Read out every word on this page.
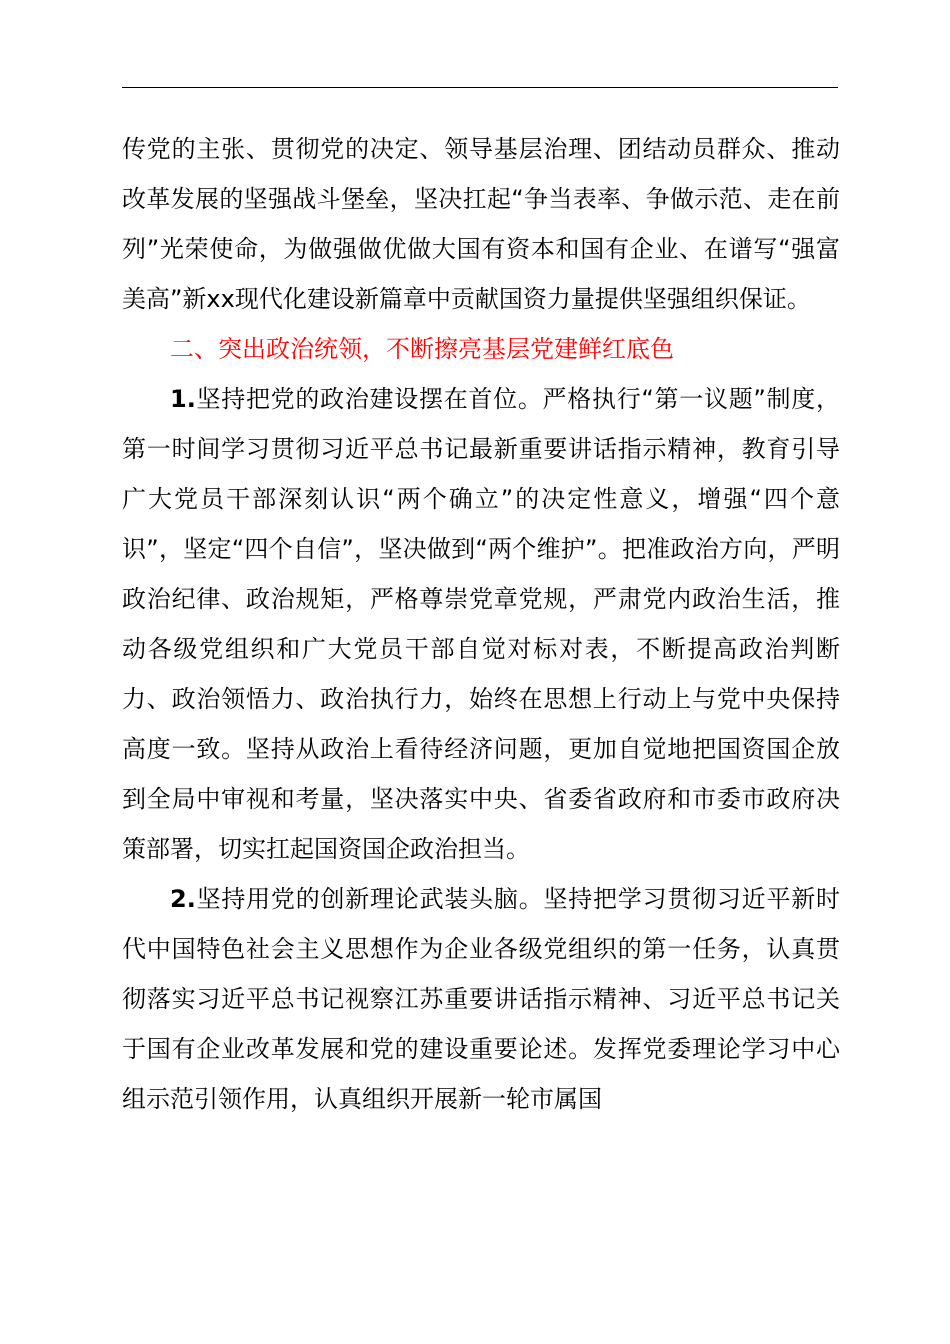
传党的主张、贯彻党的决定、领导基层治理、团结动员群众、推动改革发展的坚强战斗堡垒，坚决扛起“争当表率、争做示范、走在前列”光荣使命，为做强做优做大国有资本和国有企业、在谱写“强富美高”新xx现代化建设新篇章中贡献国资力量提供坚强组织保证。

二、突出政治统领，不断擦亮基层党建鲜红底色

1.坚持把党的政治建设摆在首位。严格执行“第一议题”制度，第一时间学习贯彻习近平总书记最新重要讲话指示精神，教育引导广大党员干部深刻认识“两个确立”的决定性意义，增强“四个意识”，坚定“四个自信”，坚决做到“两个维护”。把准政治方向，严明政治纪律、政治规矩，严格尊崇党章党规，严肃党内政治生活，推动各级党组织和广大党员干部自觉对标对表，不断提高政治判断力、政治领悟力、政治执行力，始终在思想上行动上与党中央保持高度一致。坚持从政治上看待经济问题，更加自觉地把国资国企放到全局中审视和考量，坚决落实中央、省委省政府和市委市政府决策部署，切实扛起国资国企政治担当。

2.坚持用党的创新理论武装头脑。坚持把学习贯彻习近平新时代中国特色社会主义思想作为企业各级党组织的第一任务，认真贯彻落实习近平总书记视察江苏重要讲话指示精神、习近平总书记关于国有企业改革发展和党的建设重要论述。发挥党委理论学习中心组示范引领作用，认真组织开展新一轮市属国
